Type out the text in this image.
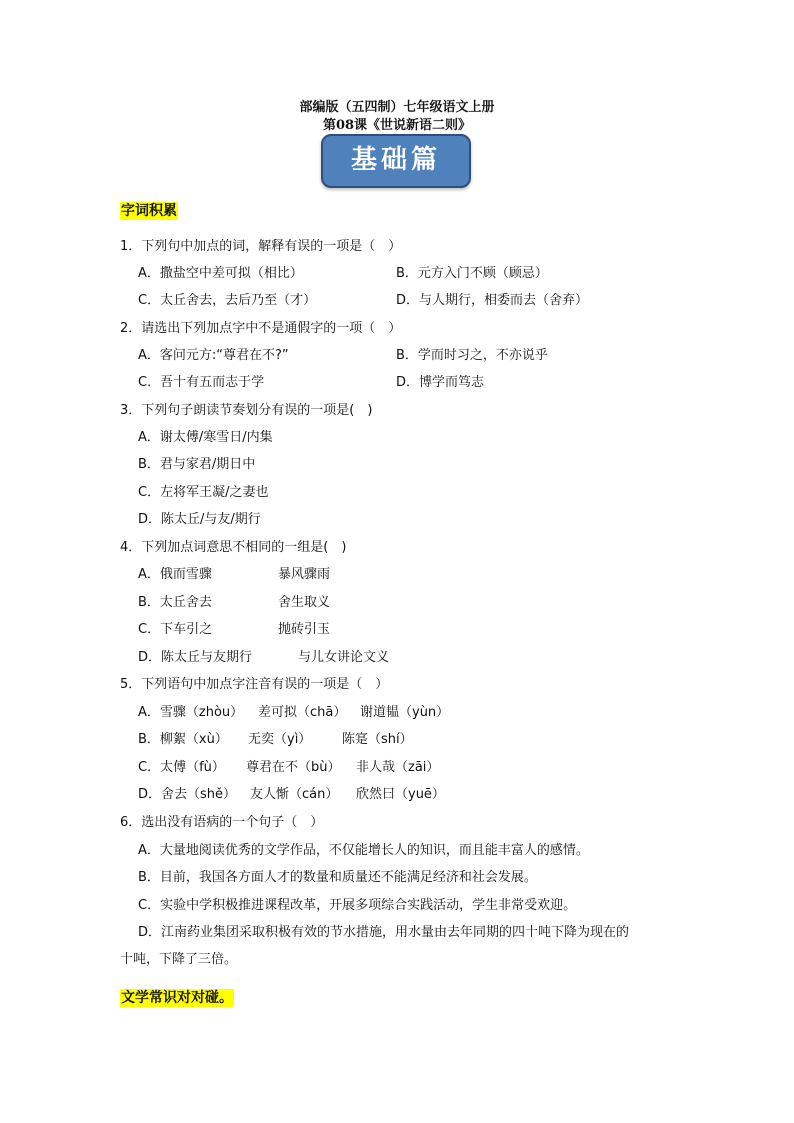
部编版（五四制）七年级语文上册
第08课《世说新语二则》
基础篇
字词积累
1．下列句中加点的词，解释有误的一项是（　）
A．撒盐空中差可拟（相比）	B．元方入门不顾（顾忌）
C．太丘舍去，去后乃至（才）	D．与人期行，相委而去（舍弃）
2．请选出下列加点字中不是通假字的一项（　）
A．客问元方:“尊君在不?”	B．学而时习之，不亦说乎
C．吾十有五而志于学	D．博学而笃志
3．下列句子朗读节奏划分有误的一项是(　)
A．谢太傅/寒雪日/内集
B．君与家君/期日中
C．左将军王凝/之妻也
D．陈太丘/与友/期行
4．下列加点词意思不相同的一组是(　)
A．俄而雪骤	暴风骤雨
B．太丘舍去	舍生取义
C．下车引之	抛砖引玉
D．陈太丘与友期行	与儿女讲论文义
5．下列语句中加点字注音有误的一项是（　）
A．雪骤（zhòu） 差可拟（chā） 谢道韫（yùn）
B．柳絮（xù） 无奕（yì） 陈寔（shí）
C．太傅（fù） 尊君在不（bù） 非人哉（zāi）
D．舍去（shě） 友人惭（cán） 欣然曰（yuē）
6．选出没有语病的一个句子（　）
A．大量地阅读优秀的文学作品，不仅能增长人的知识，而且能丰富人的感情。
B．目前，我国各方面人才的数量和质量还不能满足经济和社会发展。
C．实验中学积极推进课程改革，开展多项综合实践活动，学生非常受欢迎。
D．江南药业集团采取积极有效的节水措施，用水量由去年同期的四十吨下降为现在的
十吨，下降了三倍。
文学常识对对碰。
